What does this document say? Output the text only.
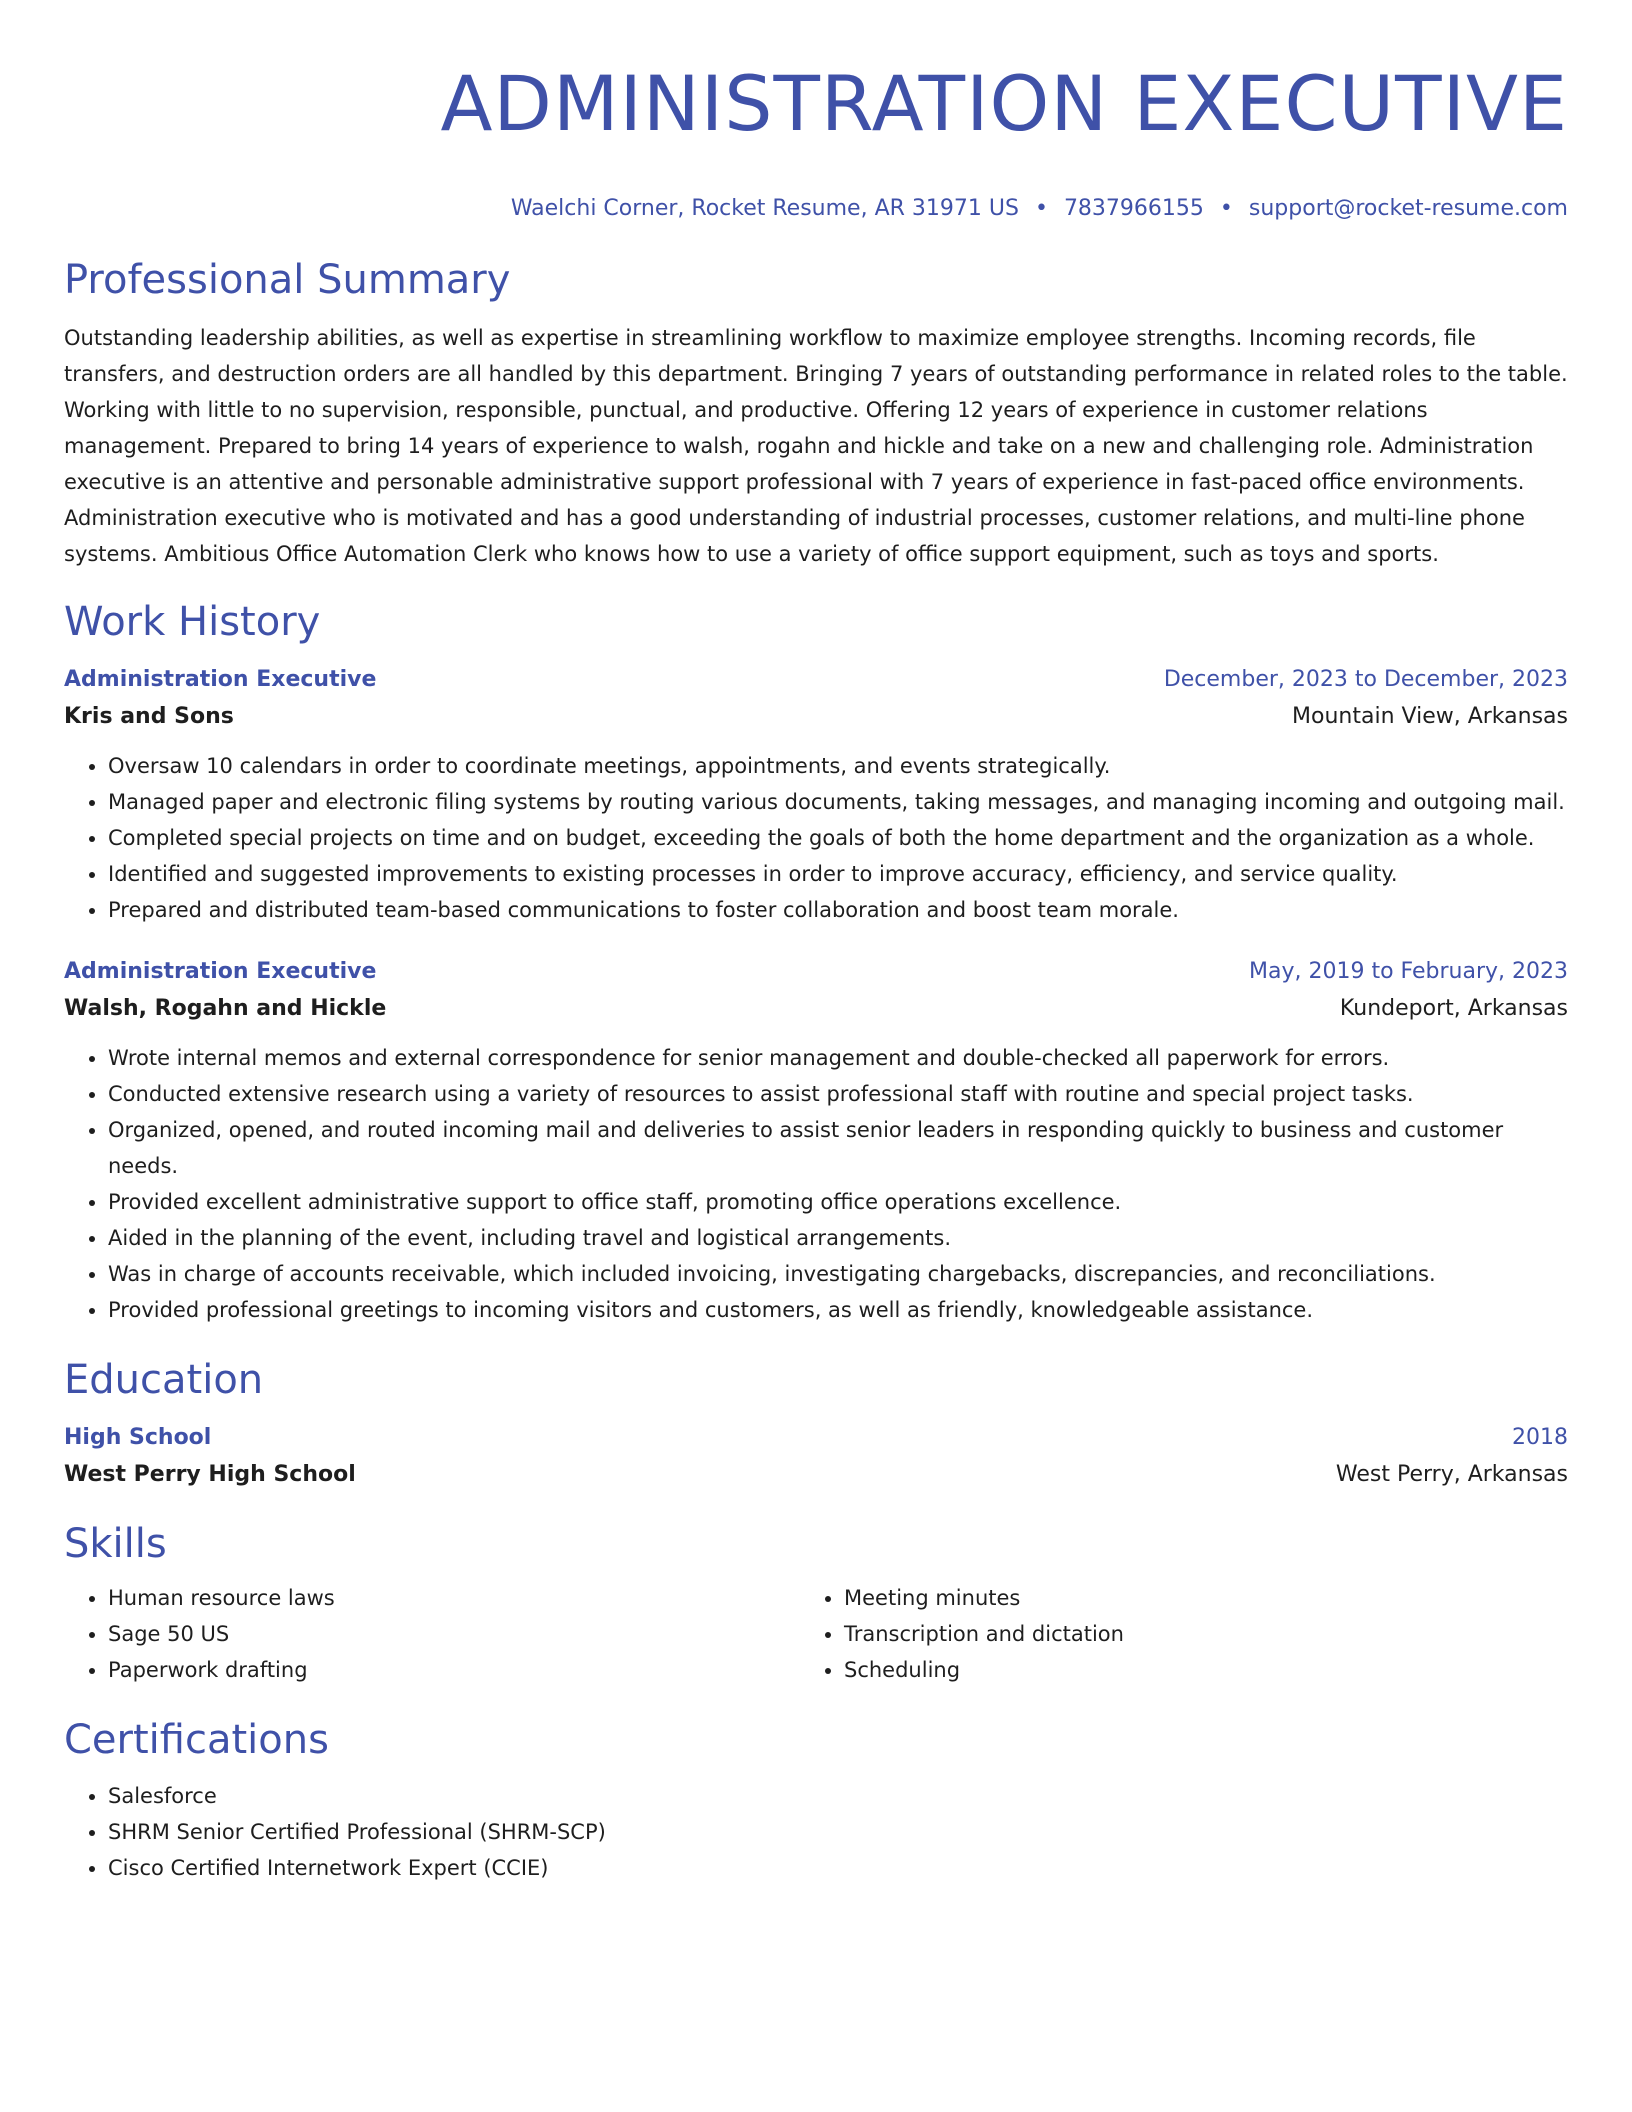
ADMINISTRATION EXECUTIVE
Waelchi Corner, Rocket Resume, AR 31971 US • 7837966155 • support@rocket-resume.com
Professional Summary
Outstanding leadership abilities, as well as expertise in streamlining workflow to maximize employee strengths. Incoming records, file transfers, and destruction orders are all handled by this department. Bringing 7 years of outstanding performance in related roles to the table. Working with little to no supervision, responsible, punctual, and productive. Offering 12 years of experience in customer relations management. Prepared to bring 14 years of experience to walsh, rogahn and hickle and take on a new and challenging role. Administration executive is an attentive and personable administrative support professional with 7 years of experience in fast-paced office environments. Administration executive who is motivated and has a good understanding of industrial processes, customer relations, and multi-line phone systems. Ambitious Office Automation Clerk who knows how to use a variety of office support equipment, such as toys and sports.
Work History
Administration Executive	December, 2023 to December, 2023
Kris and Sons	Mountain View, Arkansas
• Oversaw 10 calendars in order to coordinate meetings, appointments, and events strategically.
• Managed paper and electronic filing systems by routing various documents, taking messages, and managing incoming and outgoing mail.
• Completed special projects on time and on budget, exceeding the goals of both the home department and the organization as a whole.
• Identified and suggested improvements to existing processes in order to improve accuracy, efficiency, and service quality.
• Prepared and distributed team-based communications to foster collaboration and boost team morale.
Administration Executive	May, 2019 to February, 2023
Walsh, Rogahn and Hickle	Kundeport, Arkansas
• Wrote internal memos and external correspondence for senior management and double-checked all paperwork for errors.
• Conducted extensive research using a variety of resources to assist professional staff with routine and special project tasks.
• Organized, opened, and routed incoming mail and deliveries to assist senior leaders in responding quickly to business and customer needs.
• Provided excellent administrative support to office staff, promoting office operations excellence.
• Aided in the planning of the event, including travel and logistical arrangements.
• Was in charge of accounts receivable, which included invoicing, investigating chargebacks, discrepancies, and reconciliations.
• Provided professional greetings to incoming visitors and customers, as well as friendly, knowledgeable assistance.
Education
High School	2018
West Perry High School	West Perry, Arkansas
Skills
• Human resource laws
• Sage 50 US
• Paperwork drafting
• Meeting minutes
• Transcription and dictation
• Scheduling
Certifications
• Salesforce
• SHRM Senior Certified Professional (SHRM-SCP)
• Cisco Certified Internetwork Expert (CCIE)
